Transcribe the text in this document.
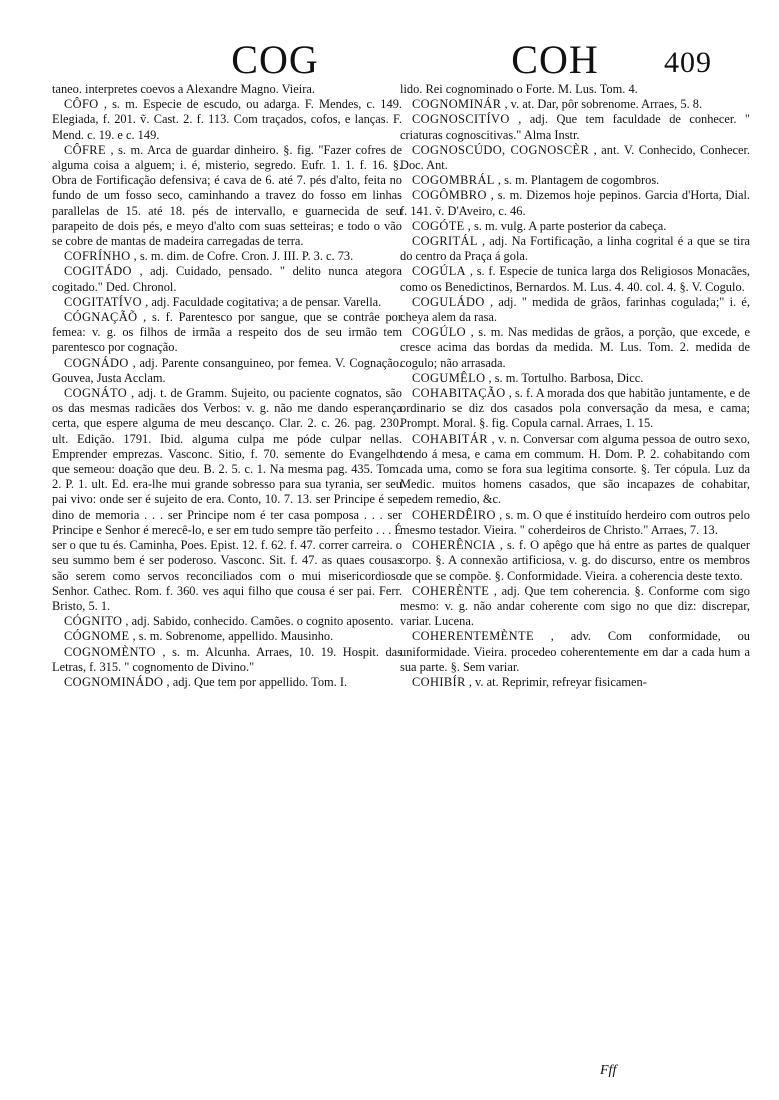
COG	COH	409

taneo. interpretes coevos a Alexandre Magno. Vieira.

CÔFO , s. m. Especie de escudo, ou adarga. F. Mendes, c. 149. Elegiada, f. 201. ṽ. Cast. 2. f. 113. Com traçados, cofos, e lanças. F. Mend. c. 19. e c. 149.

CÔFRE , s. m. Arca de guardar dinheiro. §. fig. "Fazer cofres de alguma coisa a alguem; i. é, misterio, segredo. Eufr. 1. 1. f. 16. §. Obra de Fortificação defensiva; é cava de 6. até 7. pés d'alto, feita no fundo de um fosso seco, caminhando a travez do fosso em linhas parallelas de 15. até 18. pés de intervallo, e guarnecida de seu parapeito de dois pés, e meyo d'alto com suas setteiras; e todo o vão se cobre de mantas de madeira carregadas de terra.

COFRÍNHO , s. m. dim. de Cofre. Cron. J. III. P. 3. c. 73.

COGITÁDO , adj. Cuidado, pensado. " delito nunca ategora cogitado." Ded. Chronol.

COGITATÍVO , adj. Faculdade cogitativa; a de pensar. Varella.

CÓGNAÇÃÕ , s. f. Parentesco por sangue, que se contrâe por femea: v. g. os filhos de irmãa a respeito dos de seu irmão tem parentesco por cognação.

COGNÁDO , adj. Parente consanguineo, por femea. V. Cognação. Gouvea, Justa Acclam.

COGNÁTO , adj. t. de Gramm. Sujeito, ou paciente cognatos, são os das mesmas radicães dos Verbos: v. g. não me dando esperança certa, que espere alguma de meu descanço. Clar. 2. c. 26. pag. 230. ult. Edição. 1791. Ibid. alguma culpa me póde culpar nellas. Emprender emprezas. Vasconc. Sitio, f. 70. semente do Evangelho que semeou: doação que deu. B. 2. 5. c. 1. Na mesma pag. 435. Tom. 2. P. 1. ult. Ed. era-lhe mui grande sobresso para sua tyrania, ser seu pai vivo: onde ser é sujeito de era. Conto, 10. 7. 13. ser Principe é ser dino de memoria . . . ser Principe nom é ter casa pomposa . . . ser Principe e Senhor é merecê-lo, e ser em tudo sempre tão perfeito . . . É ser o que tu és. Caminha, Poes. Epist. 12. f. 62. f. 47. correr carreira. o seu summo bem é ser poderoso. Vasconc. Sit. f. 47. as quaes cousas são serem como servos reconciliados com o mui misericordioso Senhor. Cathec. Rom. f. 360. ves aqui filho que cousa é ser pai. Ferr. Bristo, 5. 1.

CÓGNITO , adj. Sabido, conhecido. Camões. o cognito aposento.

CÓGNOME , s. m. Sobrenome, appellido. Mausinho.

COGNOMÈNTO , s. m. Alcunha. Arraes, 10. 19. Hospit. das Letras, f. 315. " cognomento de Divino."

COGNOMINÁDO , adj. Que tem por appellido. Tom. I.

lido. Rei cognominado o Forte. M. Lus. Tom. 4.

COGNOMINÁR , v. at. Dar, pôr sobrenome. Arraes, 5. 8.

COGNOSCITÍVO , adj. Que tem faculdade de conhecer. " criaturas cognoscitivas." Alma Instr.

COGNOSCÚDO, COGNOSCÈR , ant. V. Conhecido, Conhecer. Doc. Ant.

COGOMBRÁL , s. m. Plantagem de cogombros.

COGÔMBRO , s. m. Dizemos hoje pepinos. Garcia d'Horta, Dial. f. 141. ṽ. D'Aveiro, c. 46.

COGÓTE , s. m. vulg. A parte posterior da cabeça.

COGRITÁL , adj. Na Fortificação, a linha cogrital é a que se tira do centro da Praça á gola.

COGÚLA , s. f. Especie de tunica larga dos Religiosos Monacães, como os Benedictinos, Bernardos. M. Lus. 4. 40. col. 4. §. V. Cogulo.

COGULÁDO , adj. " medida de grãos, farinhas cogulada;" i. é, cheya alem da rasa.

COGÚLO , s. m. Nas medidas de grãos, a porção, que excede, e cresce acima das bordas da medida. M. Lus. Tom. 2. medida de cogulo; não arrasada.

COGUMÊLO , s. m. Tortulho. Barbosa, Dicc.

COHABITAÇÃO , s. f. A morada dos que habitão juntamente, e de ordinario se diz dos casados pola conversação da mesa, e cama; Prompt. Moral. §. fig. Copula carnal. Arraes, 1. 15.

COHABITÁR , v. n. Conversar com alguma pessoa de outro sexo, tendo á mesa, e cama em commum. H. Dom. P. 2. cohabitando com cada uma, como se fora sua legitima consorte. §. Ter cópula. Luz da Medic. muitos homens casados, que são incapazes de cohabitar, pedem remedio, &c.

COHERDÊIRO , s. m. O que é instituído herdeiro com outros pelo mesmo testador. Vieira. " coherdeiros de Christo." Arraes, 7. 13.

COHERÊNCIA , s. f. O apêgo que há entre as partes de qualquer corpo. §. A connexão artificiosa, v. g. do discurso, entre os membros de que se compõe. §. Conformidade. Vieira. a coherencia deste texto.

COHERÈNTE , adj. Que tem coherencia. §. Conforme com sigo mesmo: v. g. não andar coherente com sigo no que diz: discrepar, variar. Lucena.

COHERENTEMÈNTE , adv. Com conformidade, ou uniformidade. Vieira. procedeo coherentemente em dar a cada hum a sua parte. §. Sem variar.

COHIBÍR , v. at. Reprimir, refreyar fisicamen-

Fff
